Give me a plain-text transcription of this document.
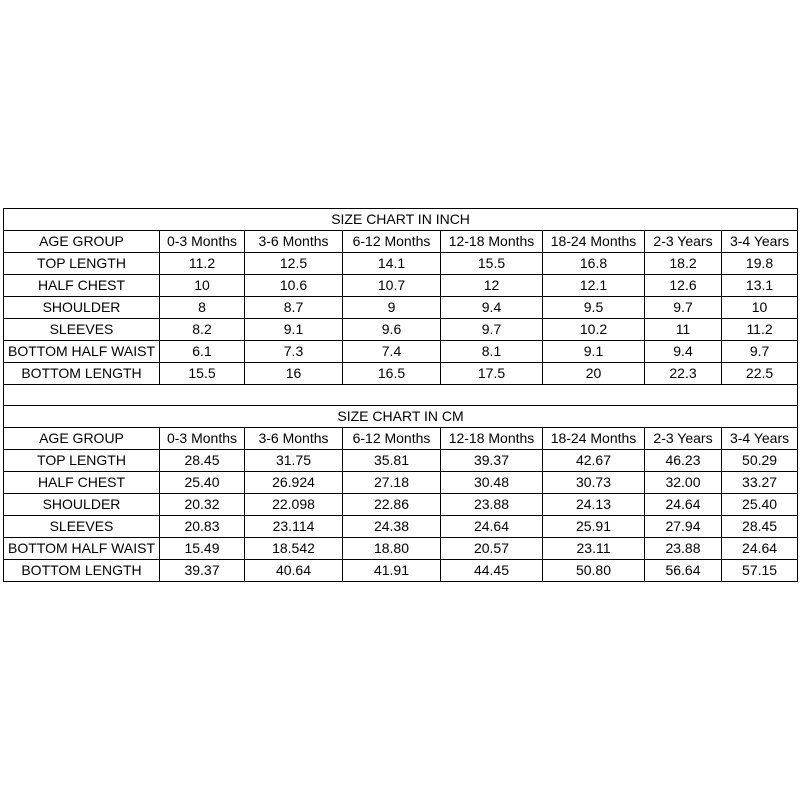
SIZE CHART IN INCH							
AGE GROUP	0-3 Months	3-6 Months	6-12 Months	12-18 Months	18-24 Months	2-3 Years	3-4 Years
TOP LENGTH	11.2	12.5	14.1	15.5	16.8	18.2	19.8
HALF CHEST	10	10.6	10.7	12	12.1	12.6	13.1
SHOULDER	8	8.7	9	9.4	9.5	9.7	10
SLEEVES	8.2	9.1	9.6	9.7	10.2	11	11.2
BOTTOM HALF WAIST	6.1	7.3	7.4	8.1	9.1	9.4	9.7
BOTTOM LENGTH	15.5	16	16.5	17.5	20	22.3	22.5

SIZE CHART IN CM							
AGE GROUP	0-3 Months	3-6 Months	6-12 Months	12-18 Months	18-24 Months	2-3 Years	3-4 Years
TOP LENGTH	28.45	31.75	35.81	39.37	42.67	46.23	50.29
HALF CHEST	25.40	26.924	27.18	30.48	30.73	32.00	33.27
SHOULDER	20.32	22.098	22.86	23.88	24.13	24.64	25.40
SLEEVES	20.83	23.114	24.38	24.64	25.91	27.94	28.45
BOTTOM HALF WAIST	15.49	18.542	18.80	20.57	23.11	23.88	24.64
BOTTOM LENGTH	39.37	40.64	41.91	44.45	50.80	56.64	57.15
